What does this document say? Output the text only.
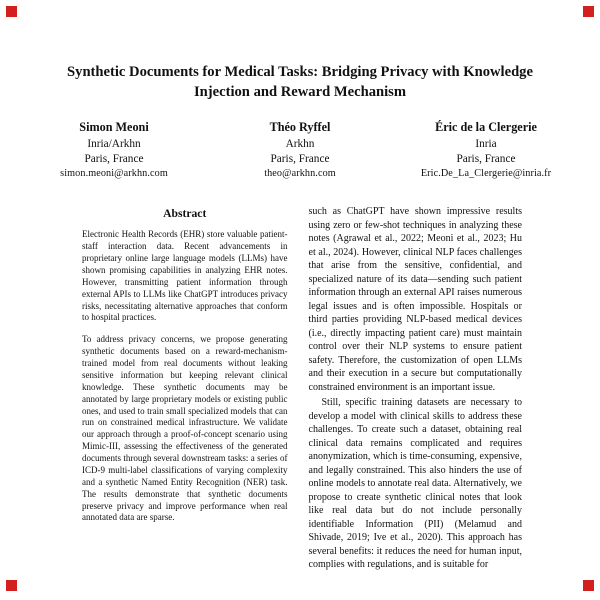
Synthetic Documents for Medical Tasks: Bridging Privacy with Knowledge Injection and Reward Mechanism
Simon Meoni
Inria/Arkhn
Paris, France
simon.meoni@arkhn.com
Théo Ryffel
Arkhn
Paris, France
theo@arkhn.com
Éric de la Clergerie
Inria
Paris, France
Eric.De_La_Clergerie@inria.fr
Abstract

Electronic Health Records (EHR) store valuable patient-staff interaction data. Recent advancements in proprietary online large language models (LLMs) have shown promising capabilities in analyzing EHR notes. However, transmitting patient information through external APIs to LLMs like ChatGPT introduces privacy risks, necessitating alternative approaches that conform to hospital practices.

To address privacy concerns, we propose generating synthetic documents based on a reward-mechanism-trained model from real documents without leaking sensitive information but keeping relevant clinical knowledge. These synthetic documents may be annotated by large proprietary models or existing public ones, and used to train small specialized models that can run on constrained medical infrastructure. We validate our approach through a proof-of-concept scenario using Mimic-III, assessing the effectiveness of the generated documents through several downstream tasks: a series of ICD-9 multi-label classifications of varying complexity and a synthetic Named Entity Recognition (NER) task. The results demonstrate that synthetic documents preserve privacy and improve performance when real annotated data are sparse.

such as ChatGPT have shown impressive results using zero or few-shot techniques in analyzing these notes (Agrawal et al., 2022; Meoni et al., 2023; Hu et al., 2024). However, clinical NLP faces challenges that arise from the sensitive, confidential, and specialized nature of its data—sending such patient information through an external API raises numerous legal issues and is often impossible. Hospitals or third parties providing NLP-based medical devices (i.e., directly impacting patient care) must maintain control over their NLP systems to ensure patient safety. Therefore, the customization of open LLMs and their execution in a secure but computationally constrained environment is an important issue.

Still, specific training datasets are necessary to develop a model with clinical skills to address these challenges. To create such a dataset, obtaining real clinical data remains complicated and requires anonymization, which is time-consuming, expensive, and legally constrained. This also hinders the use of online models to annotate real data. Alternatively, we propose to create synthetic clinical notes that look like real data but do not include personally identifiable Information (PII) (Melamud and Shivade, 2019; Ive et al., 2020). This approach has several benefits: it reduces the need for human input, complies with regulations, and is suitable for
